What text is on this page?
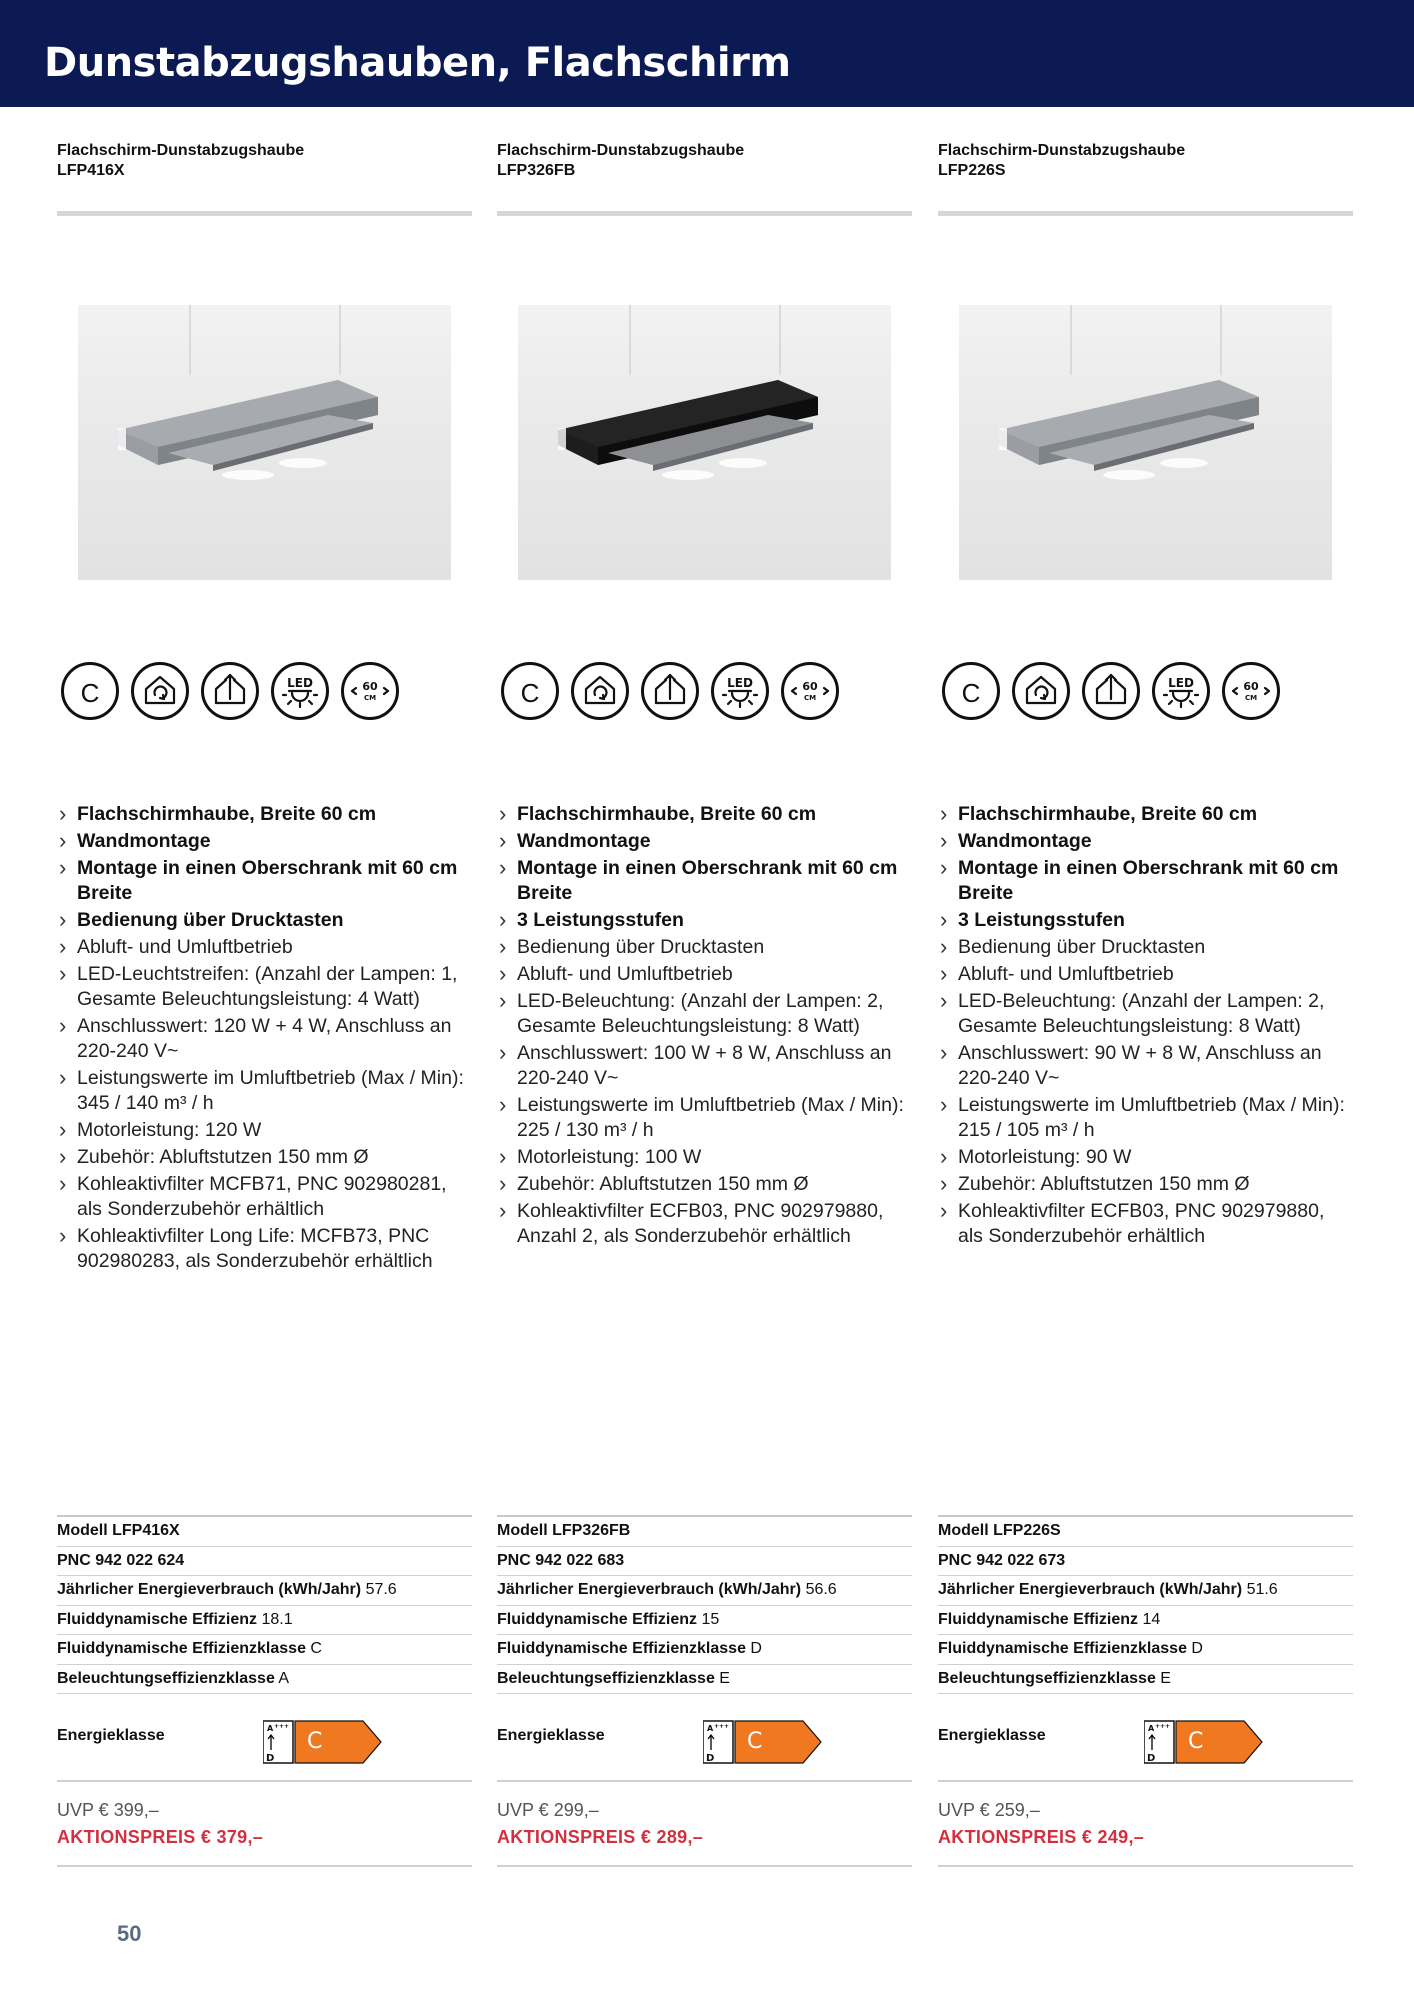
Dunstabzugshauben, Flachschirm
Flachschirm-Dunstabzugshaube
LFP416X
C	LED	60
CM
› Flachschirmhaube, Breite 60 cm
› Wandmontage
› Montage in einen Oberschrank mit 60 cm Breite
› Bedienung über Drucktasten
› Abluft- und Umluftbetrieb
› LED-Leuchtstreifen: (Anzahl der Lampen: 1, Gesamte Beleuchtungsleistung: 4 Watt)
› Anschlusswert: 120 W + 4 W, Anschluss an 220-240 V~
› Leistungswerte im Umluftbetrieb (Max / Min): 345 / 140 m³ / h
› Motorleistung: 120 W
› Zubehör: Abluftstutzen 150 mm Ø
› Kohleaktivfilter MCFB71, PNC 902980281, als Sonderzubehör erhältlich
› Kohleaktivfilter Long Life: MCFB73, PNC 902980283, als Sonderzubehör erhältlich
Modell LFP416X
PNC 942 022 624
Jährlicher Energieverbrauch (kWh/Jahr) 57.6
Fluiddynamische Effizienz 18.1
Fluiddynamische Effizienzklasse C
Beleuchtungseffizienzklasse A
Energieklasse	A +++
D
C
UVP € 399,–
AKTIONSPREIS € 379,–
Flachschirm-Dunstabzugshaube
LFP326FB
C	LED	60
CM
› Flachschirmhaube, Breite 60 cm
› Wandmontage
› Montage in einen Oberschrank mit 60 cm Breite
› 3 Leistungsstufen
› Bedienung über Drucktasten
› Abluft- und Umluftbetrieb
› LED-Beleuchtung: (Anzahl der Lampen: 2, Gesamte Beleuchtungsleistung: 8 Watt)
› Anschlusswert: 100 W + 8 W, Anschluss an 220-240 V~
› Leistungswerte im Umluftbetrieb (Max / Min): 225 / 130 m³ / h
› Motorleistung: 100 W
› Zubehör: Abluftstutzen 150 mm Ø
› Kohleaktivfilter ECFB03, PNC 902979880, Anzahl 2, als Sonderzubehör erhältlich
Modell LFP326FB
PNC 942 022 683
Jährlicher Energieverbrauch (kWh/Jahr) 56.6
Fluiddynamische Effizienz 15
Fluiddynamische Effizienzklasse D
Beleuchtungseffizienzklasse E
Energieklasse	A +++
D
C
UVP € 299,–
AKTIONSPREIS € 289,–
Flachschirm-Dunstabzugshaube
LFP226S
C	LED	60
CM
› Flachschirmhaube, Breite 60 cm
› Wandmontage
› Montage in einen Oberschrank mit 60 cm Breite
› 3 Leistungsstufen
› Bedienung über Drucktasten
› Abluft- und Umluftbetrieb
› LED-Beleuchtung: (Anzahl der Lampen: 2, Gesamte Beleuchtungsleistung: 8 Watt)
› Anschlusswert: 90 W + 8 W, Anschluss an 220-240 V~
› Leistungswerte im Umluftbetrieb (Max / Min): 215 / 105 m³ / h
› Motorleistung: 90 W
› Zubehör: Abluftstutzen 150 mm Ø
› Kohleaktivfilter ECFB03, PNC 902979880, als Sonderzubehör erhältlich
Modell LFP226S
PNC 942 022 673
Jährlicher Energieverbrauch (kWh/Jahr) 51.6
Fluiddynamische Effizienz 14
Fluiddynamische Effizienzklasse D
Beleuchtungseffizienzklasse E
Energieklasse	A +++
D
C
UVP € 259,–
AKTIONSPREIS € 249,–
50
